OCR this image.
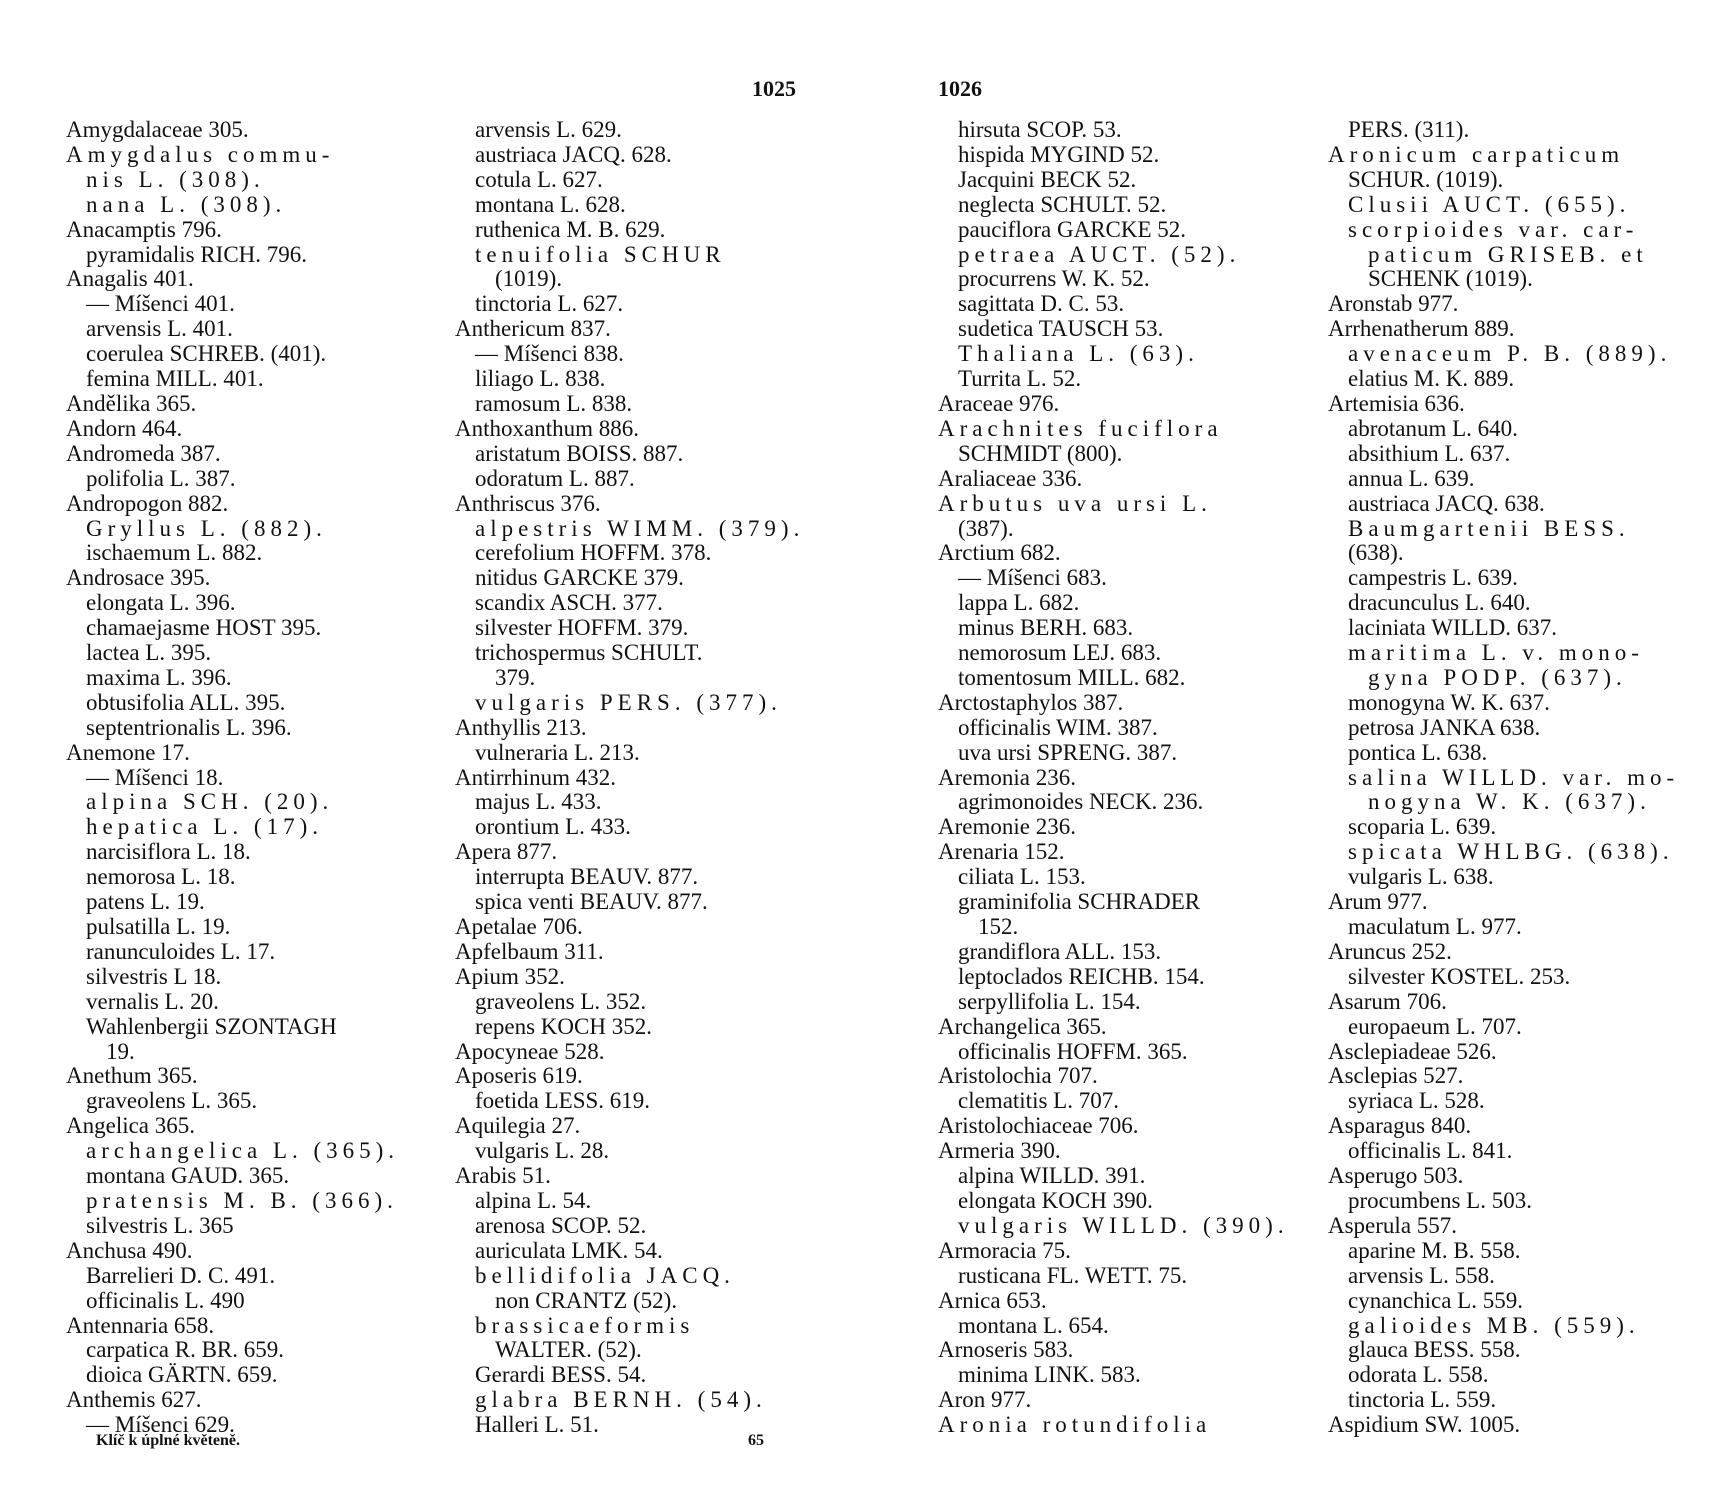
1025	1026
Amygdalaceae 305.
Amygdalus commu-
nis L. (308).
nana L. (308).
Anacamptis 796.
pyramidalis RICH. 796.
Anagalis 401.
— Míšenci 401.
arvensis L. 401.
coerulea SCHREB. (401).
femina MILL. 401.
Andělika 365.
Andorn 464.
Andromeda 387.
polifolia L. 387.
Andropogon 882.
Gryllus L. (882).
ischaemum L. 882.
Androsace 395.
elongata L. 396.
chamaejasme HOST 395.
lactea L. 395.
maxima L. 396.
obtusifolia ALL. 395.
septentrionalis L. 396.
Anemone 17.
— Míšenci 18.
alpina SCH. (20).
hepatica L. (17).
narcisiflora L. 18.
nemorosa L. 18.
patens L. 19.
pulsatilla L. 19.
ranunculoides L. 17.
silvestris L 18.
vernalis L. 20.
Wahlenbergii SZONTAGH
19.
Anethum 365.
graveolens L. 365.
Angelica 365.
archangelica L. (365).
montana GAUD. 365.
pratensis M. B. (366).
silvestris L. 365
Anchusa 490.
Barrelieri D. C. 491.
officinalis L. 490
Antennaria 658.
carpatica R. BR. 659.
dioica GÄRTN. 659.
Anthemis 627.
— Míšenci 629.
arvensis L. 629.
austriaca JACQ. 628.
cotula L. 627.
montana L. 628.
ruthenica M. B. 629.
tenuifolia SCHUR
(1019).
tinctoria L. 627.
Anthericum 837.
— Míšenci 838.
liliago L. 838.
ramosum L. 838.
Anthoxanthum 886.
aristatum BOISS. 887.
odoratum L. 887.
Anthriscus 376.
alpestris WIMM. (379).
cerefolium HOFFM. 378.
nitidus GARCKE 379.
scandix ASCH. 377.
silvester HOFFM. 379.
trichospermus SCHULT.
379.
vulgaris PERS. (377).
Anthyllis 213.
vulneraria L. 213.
Antirrhinum 432.
majus L. 433.
orontium L. 433.
Apera 877.
interrupta BEAUV. 877.
spica venti BEAUV. 877.
Apetalae 706.
Apfelbaum 311.
Apium 352.
graveolens L. 352.
repens KOCH 352.
Apocyneae 528.
Aposeris 619.
foetida LESS. 619.
Aquilegia 27.
vulgaris L. 28.
Arabis 51.
alpina L. 54.
arenosa SCOP. 52.
auriculata LMK. 54.
bellidifolia JACQ.
non CRANTZ (52).
brassicaeformis
WALTER. (52).
Gerardi BESS. 54.
glabra BERNH. (54).
Halleri L. 51.
hirsuta SCOP. 53.
hispida MYGIND 52.
Jacquini BECK 52.
neglecta SCHULT. 52.
pauciflora GARCKE 52.
petraea AUCT. (52).
procurrens W. K. 52.
sagittata D. C. 53.
sudetica TAUSCH 53.
Thaliana L. (63).
Turrita L. 52.
Araceae 976.
Arachnites fuciflora
SCHMIDT (800).
Araliaceae 336.
Arbutus uva ursi L.
(387).
Arctium 682.
— Míšenci 683.
lappa L. 682.
minus BERH. 683.
nemorosum LEJ. 683.
tomentosum MILL. 682.
Arctostaphylos 387.
officinalis WIM. 387.
uva ursi SPRENG. 387.
Aremonia 236.
agrimonoides NECK. 236.
Aremonie 236.
Arenaria 152.
ciliata L. 153.
graminifolia SCHRADER
152.
grandiflora ALL. 153.
leptoclados REICHB. 154.
serpyllifolia L. 154.
Archangelica 365.
officinalis HOFFM. 365.
Aristolochia 707.
clematitis L. 707.
Aristolochiaceae 706.
Armeria 390.
alpina WILLD. 391.
elongata KOCH 390.
vulgaris WILLD. (390).
Armoracia 75.
rusticana FL. WETT. 75.
Arnica 653.
montana L. 654.
Arnoseris 583.
minima LINK. 583.
Aron 977.
Aronia rotundifolia
PERS. (311).
Aronicum carpaticum
SCHUR. (1019).
Clusii AUCT. (655).
scorpioides var. car-
paticum GRISEB. et
SCHENK (1019).
Aronstab 977.
Arrhenatherum 889.
avenaceum P. B. (889).
elatius M. K. 889.
Artemisia 636.
abrotanum L. 640.
absithium L. 637.
annua L. 639.
austriaca JACQ. 638.
Baumgartenii BESS.
(638).
campestris L. 639.
dracunculus L. 640.
laciniata WILLD. 637.
maritima L. v. mono-
gyna PODP. (637).
monogyna W. K. 637.
petrosa JANKA 638.
pontica L. 638.
salina WILLD. var. mo-
nogyna W. K. (637).
scoparia L. 639.
spicata WHLBG. (638).
vulgaris L. 638.
Arum 977.
maculatum L. 977.
Aruncus 252.
silvester KOSTEL. 253.
Asarum 706.
europaeum L. 707.
Asclepiadeae 526.
Asclepias 527.
syriaca L. 528.
Asparagus 840.
officinalis L. 841.
Asperugo 503.
procumbens L. 503.
Asperula 557.
aparine M. B. 558.
arvensis L. 558.
cynanchica L. 559.
galioides MB. (559).
glauca BESS. 558.
odorata L. 558.
tinctoria L. 559.
Aspidium SW. 1005.
Klíč k úplné květeně.	65
